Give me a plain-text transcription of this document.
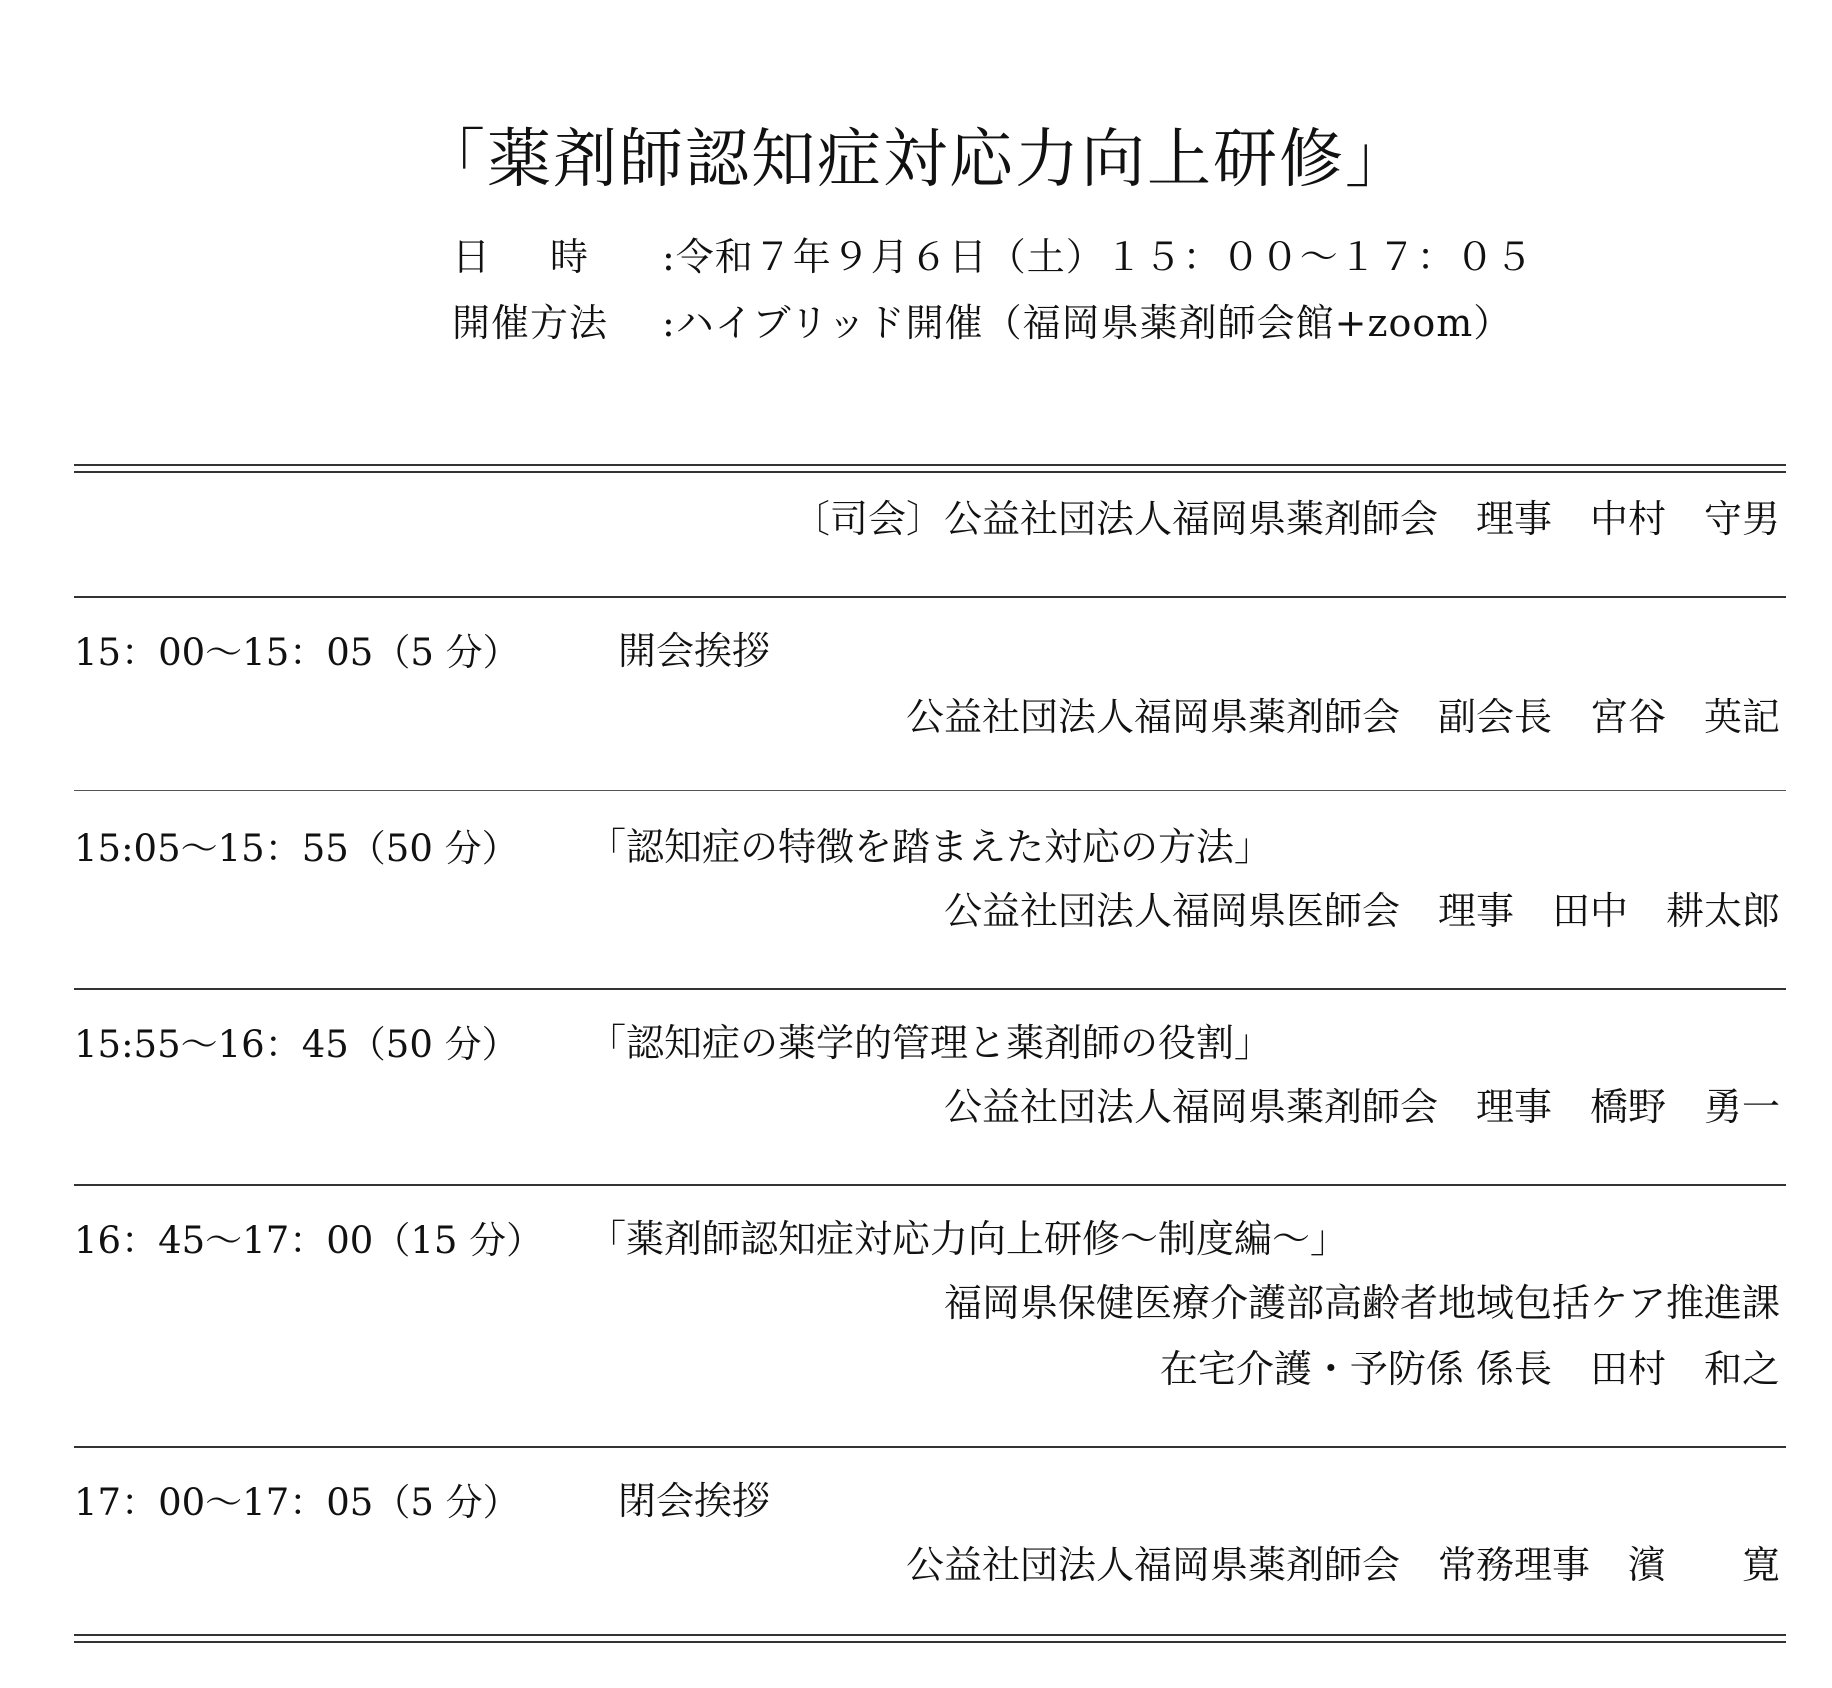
「薬剤師認知症対応力向上研修」
日時 :令和７年９月６日（土）１５：００～１７：０５
開催方法 :ハイブリッド開催（福岡県薬剤師会館+zoom）
〔司会〕公益社団法人福岡県薬剤師会　理事　中村　守男
15：00～15：05（5 分）	開会挨拶
公益社団法人福岡県薬剤師会　副会長　宮谷　英記
15:05～15：55（50 分） 「認知症の特徴を踏まえた対応の方法」
公益社団法人福岡県医師会　理事　田中　耕太郎
15:55～16：45（50 分） 「認知症の薬学的管理と薬剤師の役割」
公益社団法人福岡県薬剤師会　理事　橋野　勇一
16：45～17：00（15 分） 「薬剤師認知症対応力向上研修～制度編～」
福岡県保健医療介護部高齢者地域包括ケア推進課
在宅介護・予防係 係長　田村　和之
17：00～17：05（5 分）	閉会挨拶
公益社団法人福岡県薬剤師会　常務理事　濱　　寛
